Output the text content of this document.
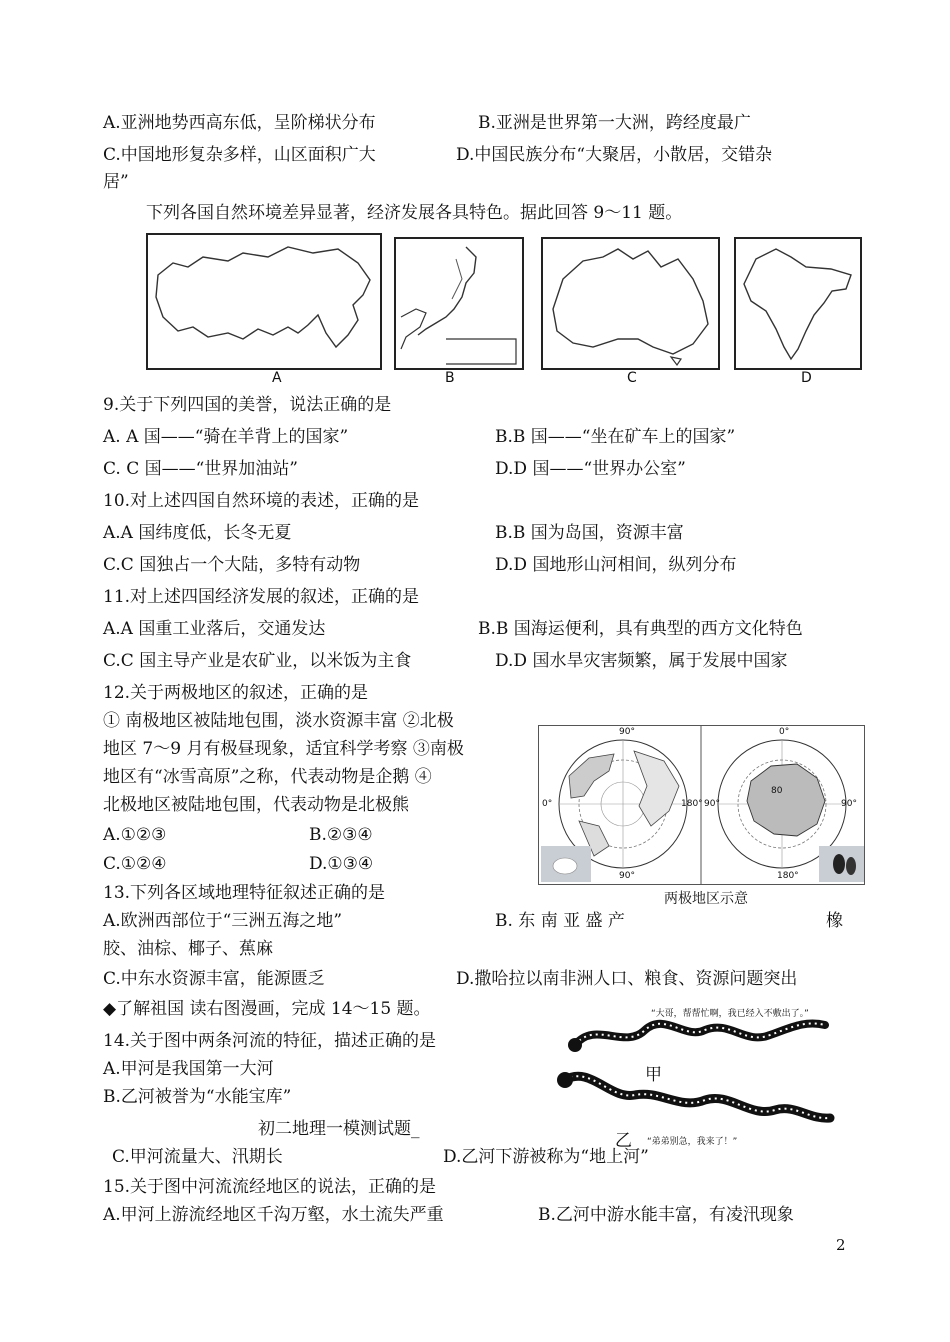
A.亚洲地势西高东低，呈阶梯状分布	B.亚洲是世界第一大洲，跨经度最广
C.中国地形复杂多样，山区面积广大	D.中国民族分布“大聚居，小散居，交错杂
居”
下列各国自然环境差异显著，经济发展各具特色。据此回答 9～11 题。
A	B	C	D
9.关于下列四国的美誉，说法正确的是
A. A 国——“骑在羊背上的国家”	B.B 国——“坐在矿车上的国家”
C. C 国——“世界加油站”	D.D 国——“世界办公室”
10.对上述四国自然环境的表述，正确的是
A.A 国纬度低，长冬无夏	B.B 国为岛国，资源丰富
C.C 国独占一个大陆，多特有动物	D.D 国地形山河相间，纵列分布
11.对上述四国经济发展的叙述，正确的是
A.A 国重工业落后，交通发达	B.B 国海运便利，具有典型的西方文化特色
C.C 国主导产业是农矿业，以米饭为主食	D.D 国水旱灾害频繁，属于发展中国家
12.关于两极地区的叙述，正确的是
① 南极地区被陆地包围，淡水资源丰富 ②北极
地区 7～9 月有极昼现象，适宜科学考察 ③南极
地区有“冰雪高原”之称，代表动物是企鹅 ④
北极地区被陆地包围，代表动物是北极熊
A.①②③	B.②③④
C.①②④	D.①③④
90°
0°	180°
90°
0°
90°	90°
180°
80
两极地区示意
13.下列各区域地理特征叙述正确的是
A.欧洲西部位于“三洲五海之地”	B. 东 南 亚 盛 产	橡
胶、油棕、椰子、蕉麻
C.中东水资源丰富，能源匮乏	D.撒哈拉以南非洲人口、粮食、资源问题突出
◆了解祖国 读右图漫画，完成 14～15 题。	“大哥，帮帮忙啊，我已经入不敷出了。”
“弟弟别急，我来了！”
甲
乙
14.关于图中两条河流的特征，描述正确的是
A.甲河是我国第一大河
B.乙河被誉为“水能宝库”
初二地理一模测试题_
C.甲河流量大、汛期长	D.乙河下游被称为“地上河”
15.关于图中河流流经地区的说法，正确的是
A.甲河上游流经地区千沟万壑，水土流失严重	B.乙河中游水能丰富，有凌汛现象
2
